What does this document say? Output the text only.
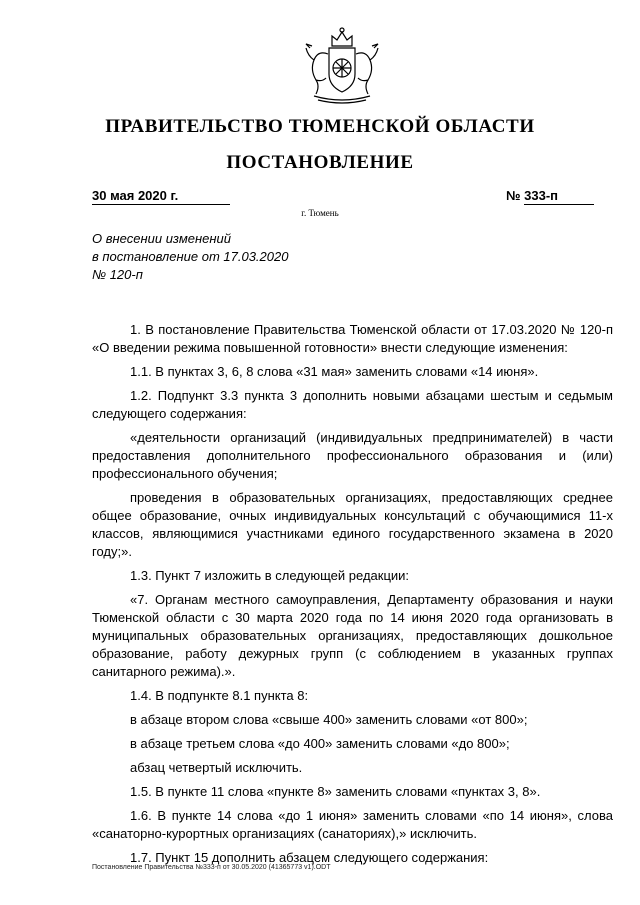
ПРАВИТЕЛЬСТВО ТЮМЕНСКОЙ ОБЛАСТИ
ПОСТАНОВЛЕНИЕ
30 мая 2020 г.	№ 333-п
г. Тюмень
О внесении изменений
в постановление от 17.03.2020
№ 120-п

1. В постановление Правительства Тюменской области от 17.03.2020 № 120-п «О введении режима повышенной готовности» внести следующие изменения:

1.1. В пунктах 3, 6, 8 слова «31 мая» заменить словами «14 июня».

1.2. Подпункт 3.3 пункта 3 дополнить новыми абзацами шестым и седьмым следующего содержания:

«деятельности организаций (индивидуальных предпринимателей) в части предоставления дополнительного профессионального образования и (или) профессионального обучения;

проведения в образовательных организациях, предоставляющих среднее общее образование, очных индивидуальных консультаций с обучающимися 11-х классов, являющимися участниками единого государственного экзамена в 2020 году;».

1.3. Пункт 7 изложить в следующей редакции:

«7. Органам местного самоуправления, Департаменту образования и науки Тюменской области с 30 марта 2020 года по 14 июня 2020 года организовать в муниципальных образовательных организациях, предоставляющих дошкольное образование, работу дежурных групп (с соблюдением в указанных группах санитарного режима).».

1.4. В подпункте 8.1 пункта 8:

в абзаце втором слова «свыше 400» заменить словами «от 800»;

в абзаце третьем слова «до 400» заменить словами «до 800»;

абзац четвертый исключить.

1.5. В пункте 11 слова «пункте 8» заменить словами «пунктах 3, 8».

1.6. В пункте 14 слова «до 1 июня» заменить словами «по 14 июня», слова «санаторно-курортных организациях (санаториях),» исключить.

1.7. Пункт 15 дополнить абзацем следующего содержания:

Постановление Правительства №333-п от 30.05.2020 (41365773 v1).ODT
